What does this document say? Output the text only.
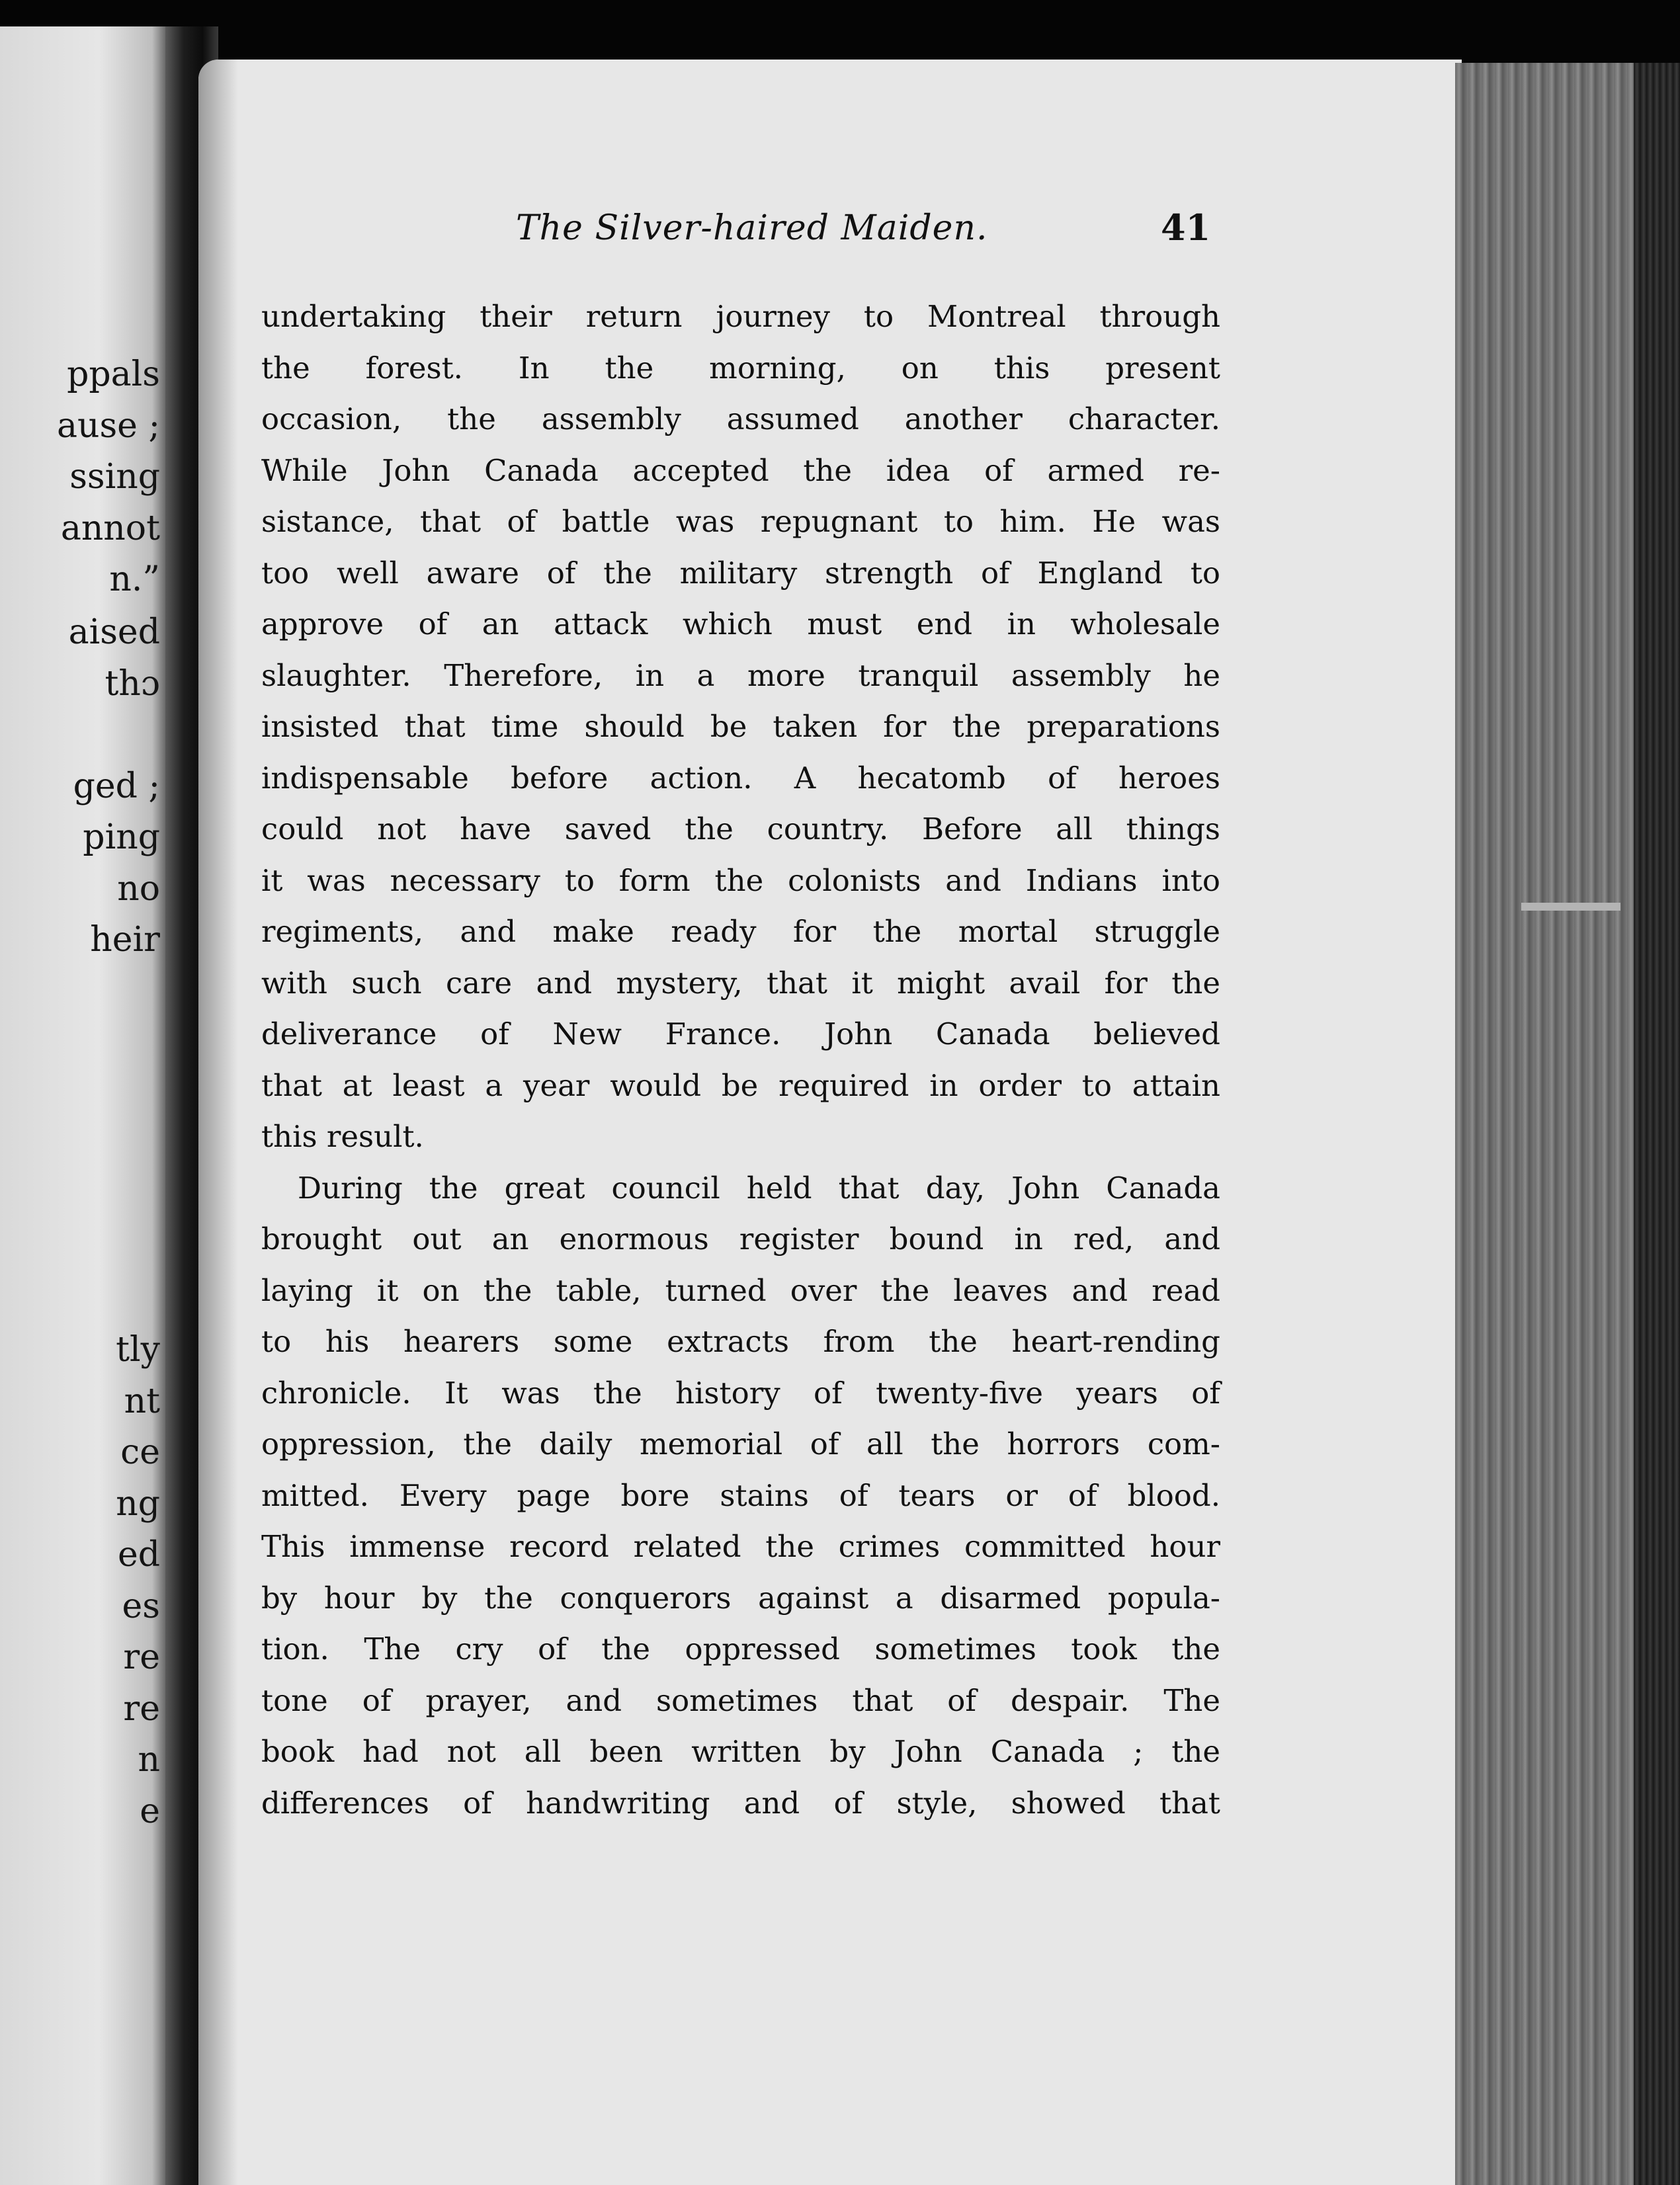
ppals
ause ;
ssing
annot
n.”
aised
thɔ
ged ;
ping
no
heir
tly
nt
ce
ng
ed
es
re
re
n
e
The Silver-haired Maiden.	41
undertaking their return journey to Montreal through
the forest. In the morning, on this present
occasion, the assembly assumed another character.
While John Canada accepted the idea of armed re-
sistance, that of battle was repugnant to him. He was
too well aware of the military strength of England to
approve of an attack which must end in wholesale
slaughter. Therefore, in a more tranquil assembly he
insisted that time should be taken for the preparations
indispensable before action. A hecatomb of heroes
could not have saved the country. Before all things
it was necessary to form the colonists and Indians into
regiments, and make ready for the mortal struggle
with such care and mystery, that it might avail for the
deliverance of New France. John Canada believed
that at least a year would be required in order to attain
this result.
During the great council held that day, John Canada
brought out an enormous register bound in red, and
laying it on the table, turned over the leaves and read
to his hearers some extracts from the heart-rending
chronicle. It was the history of twenty-five years of
oppression, the daily memorial of all the horrors com-
mitted. Every page bore stains of tears or of blood.
This immense record related the crimes committed hour
by hour by the conquerors against a disarmed popula-
tion. The cry of the oppressed sometimes took the
tone of prayer, and sometimes that of despair. The
book had not all been written by John Canada ; the
differences of handwriting and of style, showed that
